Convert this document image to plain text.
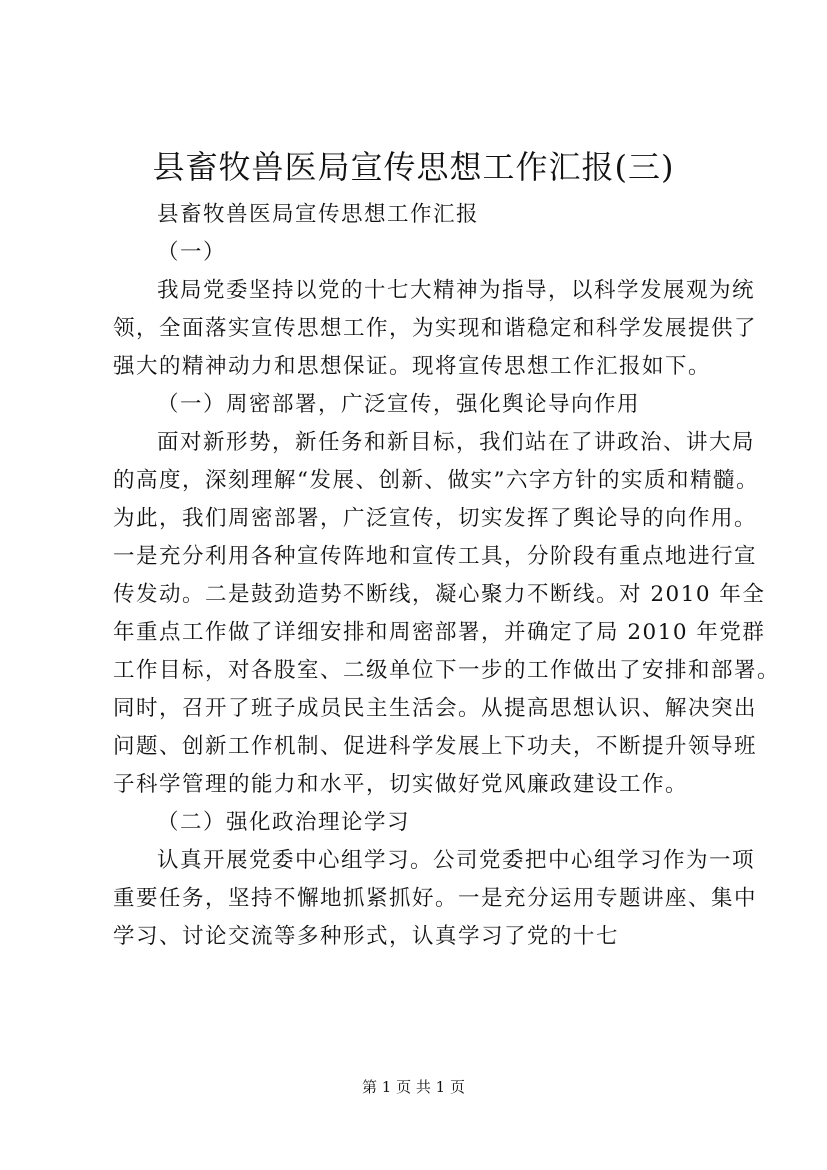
县畜牧兽医局宣传思想工作汇报(三)

县畜牧兽医局宣传思想工作汇报

（一）

我局党委坚持以党的十七大精神为指导，以科学发展观为统

领，全面落实宣传思想工作，为实现和谐稳定和科学发展提供了

强大的精神动力和思想保证。现将宣传思想工作汇报如下。

（一）周密部署，广泛宣传，强化舆论导向作用

面对新形势，新任务和新目标，我们站在了讲政治、讲大局

的高度，深刻理解“发展、创新、做实”六字方针的实质和精髓。

为此，我们周密部署，广泛宣传，切实发挥了舆论导的向作用。

一是充分利用各种宣传阵地和宣传工具，分阶段有重点地进行宣

传发动。二是鼓劲造势不断线，凝心聚力不断线。对 2010 年全

年重点工作做了详细安排和周密部署，并确定了局 2010 年党群

工作目标，对各股室、二级单位下一步的工作做出了安排和部署。

同时，召开了班子成员民主生活会。从提高思想认识、解决突出

问题、创新工作机制、促进科学发展上下功夫，不断提升领导班

子科学管理的能力和水平，切实做好党风廉政建设工作。

（二）强化政治理论学习

认真开展党委中心组学习。公司党委把中心组学习作为一项

重要任务，坚持不懈地抓紧抓好。一是充分运用专题讲座、集中

学习、讨论交流等多种形式，认真学习了党的十七

第 1 页 共 1 页
